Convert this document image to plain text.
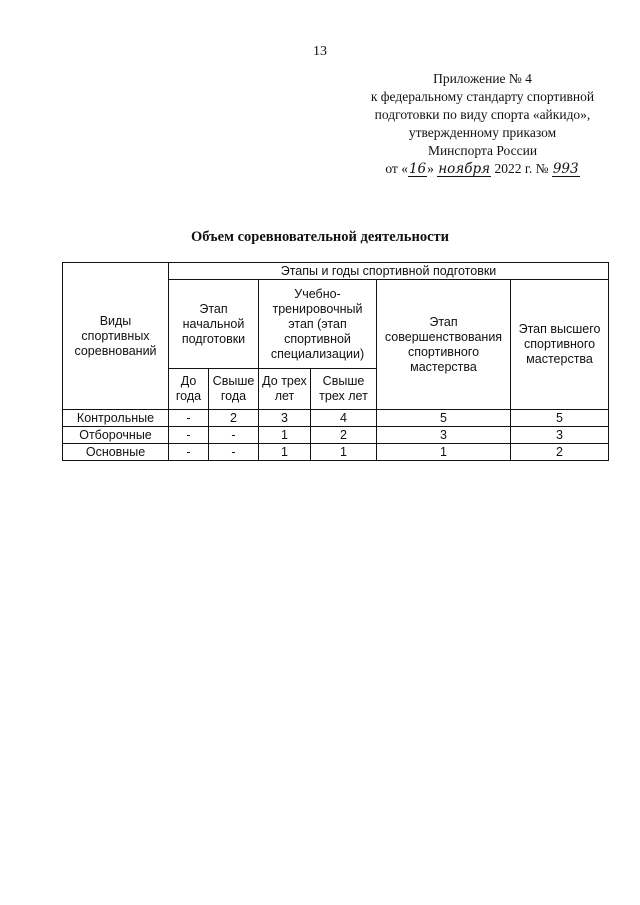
13
Приложение № 4
к федеральному стандарту спортивной
подготовки по виду спорта «айкидо»,
утвержденному приказом
Минспорта России
от «16» ноября 2022 г. № 993
Объем соревновательной деятельности
Виды спортивных соревнований	Этапы и годы спортивной подготовки					
	Этап начальной подготовки		Учебно-тренировочный этап (этап спортивной специализации)		Этап совершенствования спортивного мастерства	Этап высшего спортивного мастерства
	До года	Свыше года	До трех лет	Свыше трех лет		
Контрольные	-	2	3	4	5	5
Отборочные	-	-	1	2	3	3
Основные	-	-	1	1	1	2
